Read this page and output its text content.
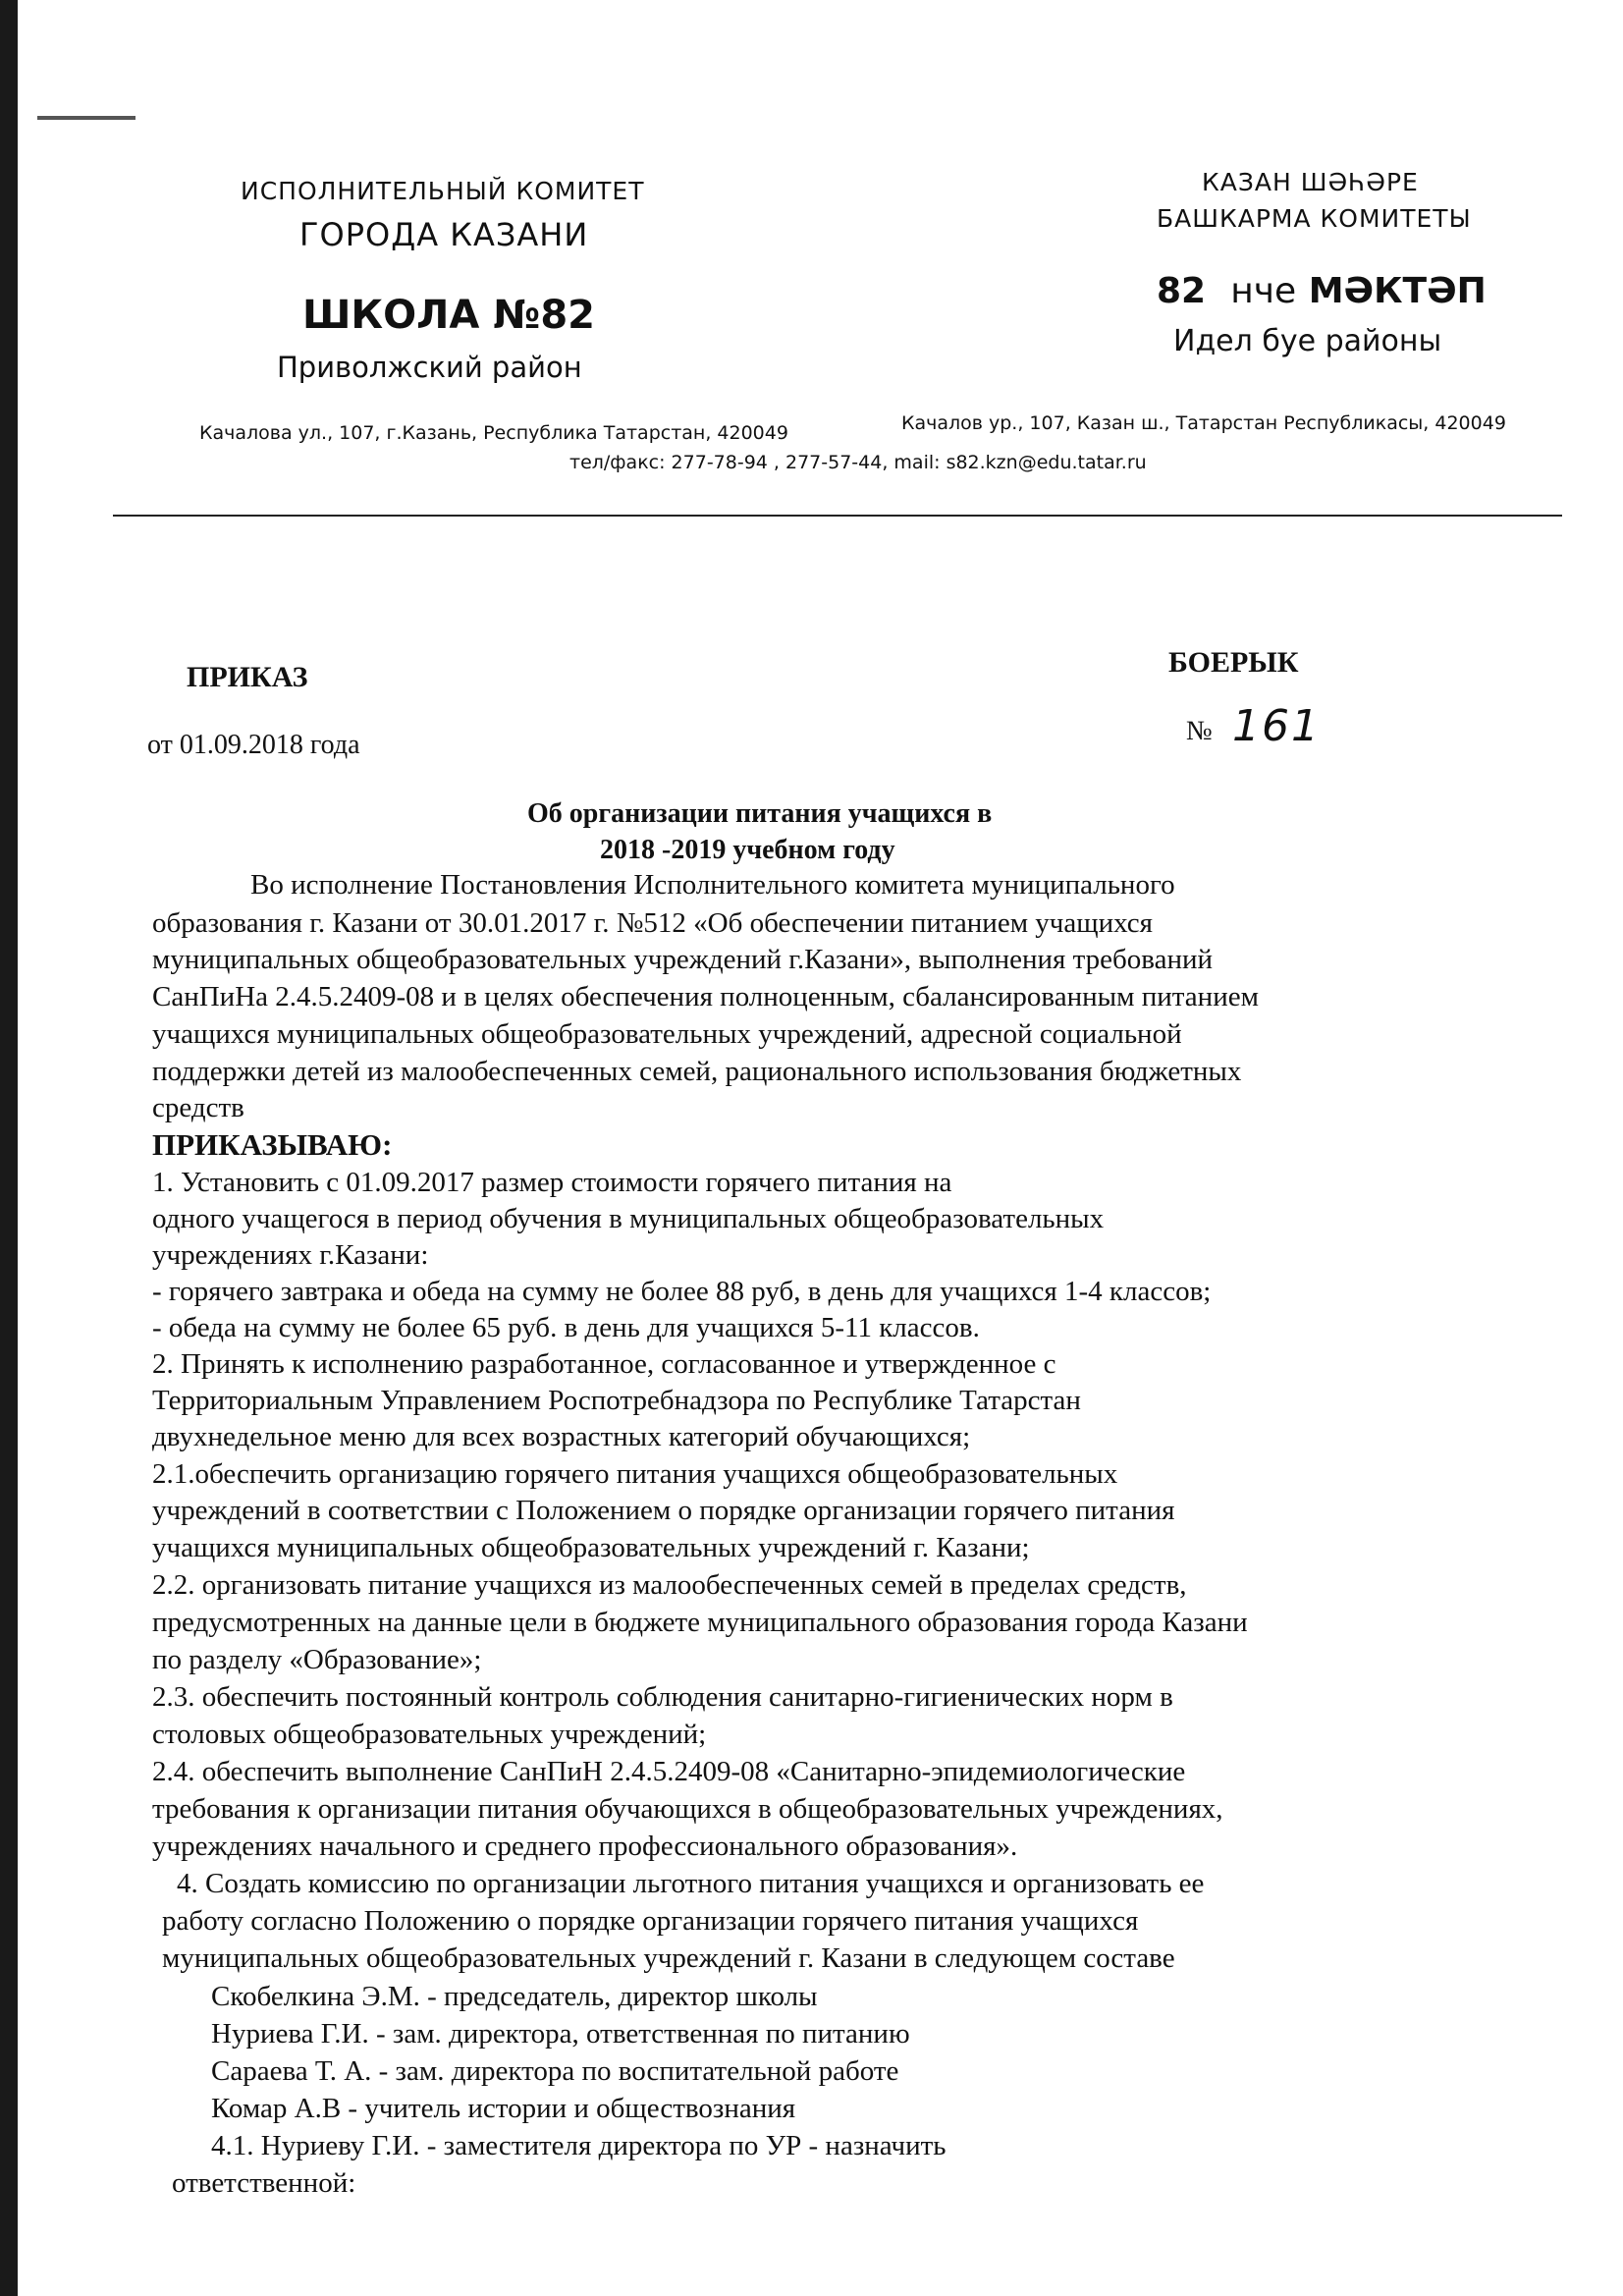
ИСПОЛНИТЕЛЬНЫЙ КОМИТЕТ
ГОРОДА КАЗАНИ
ШКОЛА №82
Приволжский район
КАЗАН ШӘҺӘРЕ
БАШКАРМА КОМИТЕТЫ
82 нче МӘКТӘП
Идел буе районы
Качалова ул., 107, г.Казань, Республика Татарстан, 420049	Качалов ур., 107, Казан ш., Татарстан Республикасы, 420049
тел/факс: 277-78-94 , 277-57-44, mail: s82.kzn@edu.tatar.ru
ПРИКАЗ	БОЕРЫК
от 01.09.2018 года	№ 161
Об организации питания учащихся в
2018 -2019 учебном году
Во исполнение Постановления Исполнительного комитета муниципального
образования г. Казани от 30.01.2017 г. №512 «Об обеспечении питанием учащихся
муниципальных общеобразовательных учреждений г.Казани», выполнения требований
СанПиНа 2.4.5.2409-08 и в целях обеспечения полноценным, сбалансированным питанием
учащихся муниципальных общеобразовательных учреждений, адресной социальной
поддержки детей из малообеспеченных семей, рационального использования бюджетных
средств
ПРИКАЗЫВАЮ:
1. Установить с 01.09.2017 размер стоимости горячего питания на
одного учащегося в период обучения в муниципальных общеобразовательных
учреждениях г.Казани:
- горячего завтрака и обеда на сумму не более 88 руб, в день для учащихся 1-4 классов;
- обеда на сумму не более 65 руб. в день для учащихся 5-11 классов.
2. Принять к исполнению разработанное, согласованное и утвержденное с
Территориальным Управлением Роспотребнадзора по Республике Татарстан
двухнедельное меню для всех возрастных категорий обучающихся;
2.1.обеспечить организацию горячего питания учащихся общеобразовательных
учреждений в соответствии с Положением о порядке организации горячего питания
учащихся муниципальных общеобразовательных учреждений г. Казани;
2.2. организовать питание учащихся из малообеспеченных семей в пределах средств,
предусмотренных на данные цели в бюджете муниципального образования города Казани
по разделу «Образование»;
2.3. обеспечить постоянный контроль соблюдения санитарно-гигиенических норм в
столовых общеобразовательных учреждений;
2.4. обеспечить выполнение СанПиН 2.4.5.2409-08 «Санитарно-эпидемиологические
требования к организации питания обучающихся в общеобразовательных учреждениях,
учреждениях начального и среднего профессионального образования».
4. Создать комиссию по организации льготного питания учащихся и организовать ее
работу согласно Положению о порядке организации горячего питания учащихся
муниципальных общеобразовательных учреждений г. Казани в следующем составе
Скобелкина Э.М. - председатель, директор школы
Нуриева Г.И. - зам. директора, ответственная по питанию
Сараева Т. А. - зам. директора по воспитательной работе
Комар А.В - учитель истории и обществознания
4.1. Нуриеву Г.И. - заместителя директора по УР - назначить
ответственной:
